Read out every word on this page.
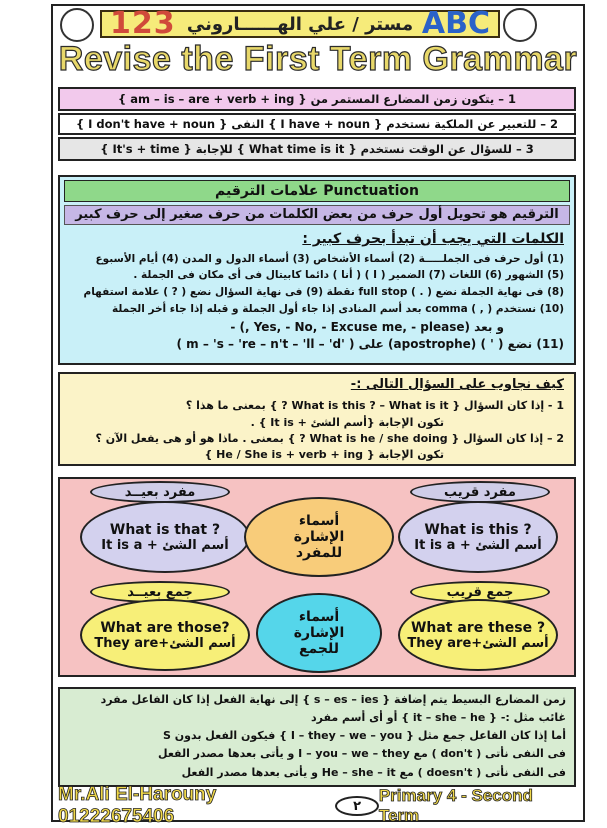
123 مستر / علي الهــــــاروني ABC
Revise the First Term Grammar
1 – يتكون زمن المضارع المستمر من { am – is – are + verb + ing }
2 – للتعبير عن الملكية نستخدم { I have + noun } النفى { I don't have + noun }
3 – للسؤال عن الوقت نستخدم { What time is it } للإجابة { It's + time }
علامات الترقيم Punctuation
الترقيم هو تحويل أول حرف من بعض الكلمات من حرف صغير إلى حرف كبير
الكلمات التي يجب أن تبدأ بحرف كبير :
(1) أول حرف فى الجملـــــة (2) أسماء الأشخاص (3) أسماء الدول و المدن (4) أيام الأسبوع
(5) الشهور (6) اللغات (7) الضمير ( I ) ( أنا ) دائما كابيتال فى أى مكان فى الجملة .
(8) فى نهاية الجملة نضع ( . ) full stop نقطة (9) فى نهاية السؤال نضع ( ? ) علامة استفهام
(10) نستخدم ( , ) comma بعد أسم المنادى إذا جاء أول الجملة و قبله إذا جاء أخر الجملة
و بعد (Yes, - No, - Excuse me, - please ,) -
(11) نضع ( ' ) (apostrophe) على ( 'm – 's – 're – n't – 'll – 'd )
كيف نجاوب على السؤال التالى :-
1 - إذا كان السؤال { What is this ? – What is it ? } بمعنى ما هذا ؟
تكون الإجابة {أسم الشئ + It is } .
2 – إذا كان السؤال { What is he / she doing ? } بمعنى . ماذا هو أو هى يفعل الآن ؟
تكون الإجابة { He / She is + verb + ing }
مفرد بعيــد	مفرد قريب
What is that ?
It is a + أسم الشئ
أسماء الإشارة للمفرد
What is this ?
It is a + أسم الشئ
جمع بعيــد	جمع قريب
What are those?
They are+أسم الشئ
أسماء الإشارة للجمع
What are these ?
They are+أسم الشئ
زمن المضارع البسيط يتم إضافة { s – es – ies } إلى نهاية الفعل إذا كان الفاعل مفرد
غائب مثل :- { it – she – he } أو أى أسم مفرد
أما إذا كان الفاعل جمع مثل { I – they – we – you } فيكون الفعل بدون S
فى النفى نأتى ( don't ) مع I – you – we – they و يأتى بعدها مصدر الفعل
فى النفى نأتى ( doesn't ) مع He – she – it و يأتى بعدها مصدر الفعل
Mr.Ali El-Harouny 01222675406	٢
Primary 4 - Second Term
